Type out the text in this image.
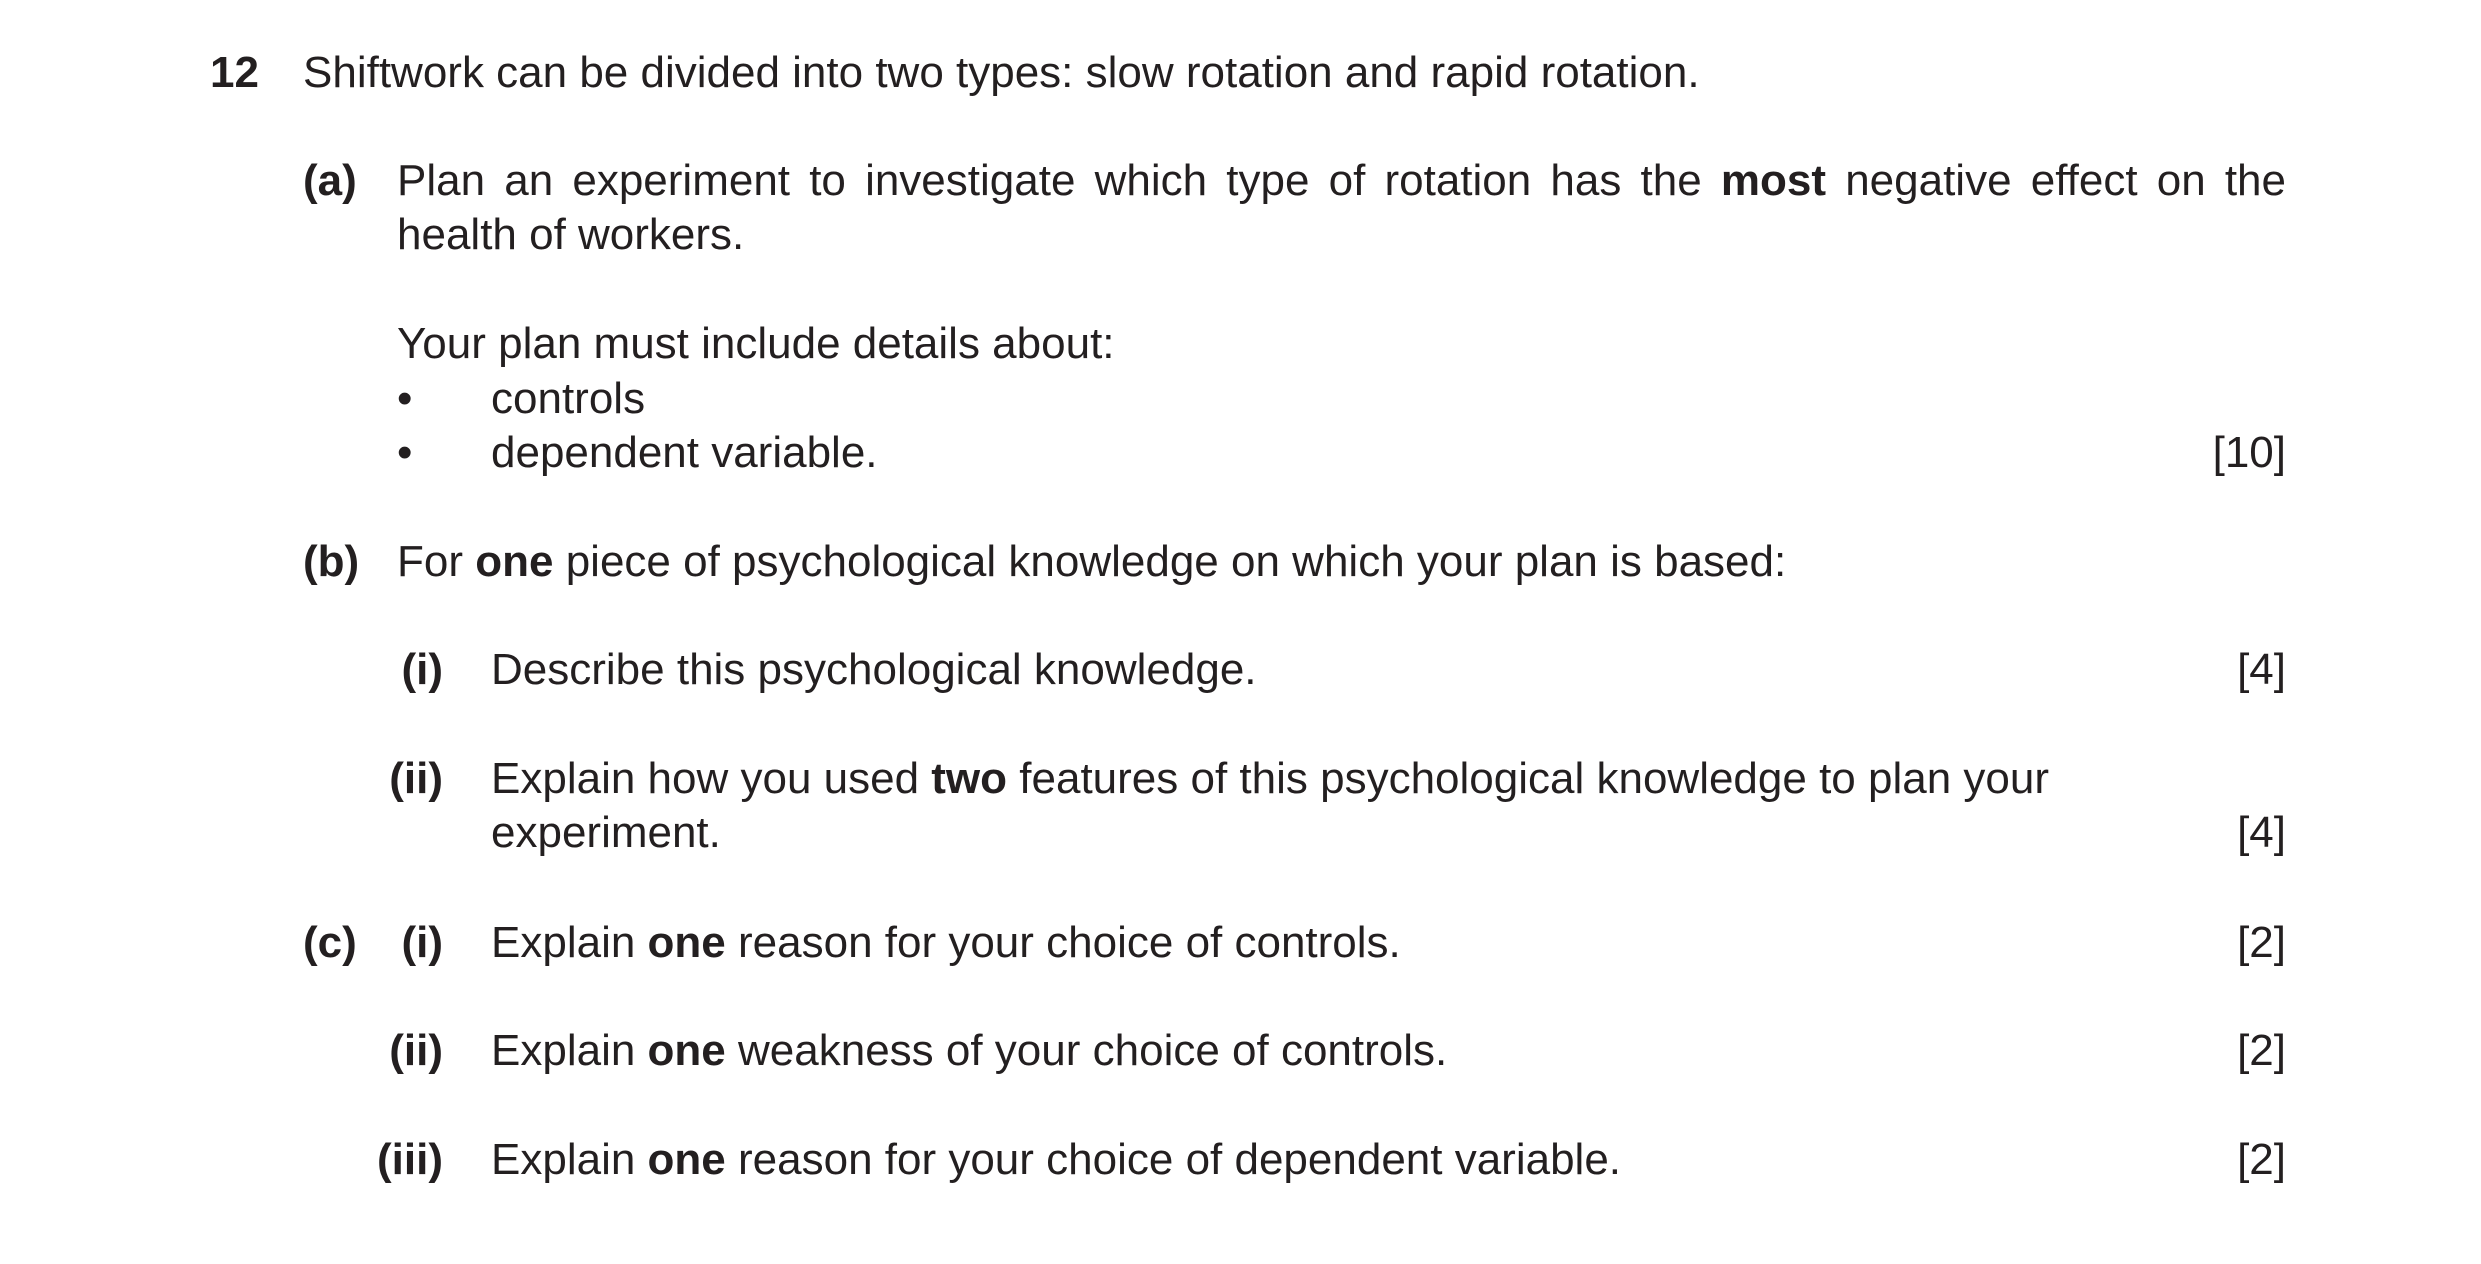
12 Shiftwork can be divided into two types: slow rotation and rapid rotation.
(a) Plan an experiment to investigate which type of rotation has the most negative effect on the health of workers.
Your plan must include details about:
• controls
• dependent variable.	[10]
(b) For one piece of psychological knowledge on which your plan is based:
(i) Describe this psychological knowledge.	[4]
(ii) Explain how you used two features of this psychological knowledge to plan your
experiment.	[4]
(c) (i) Explain one reason for your choice of controls.	[2]
(ii) Explain one weakness of your choice of controls.	[2]
(iii) Explain one reason for your choice of dependent variable.	[2]
